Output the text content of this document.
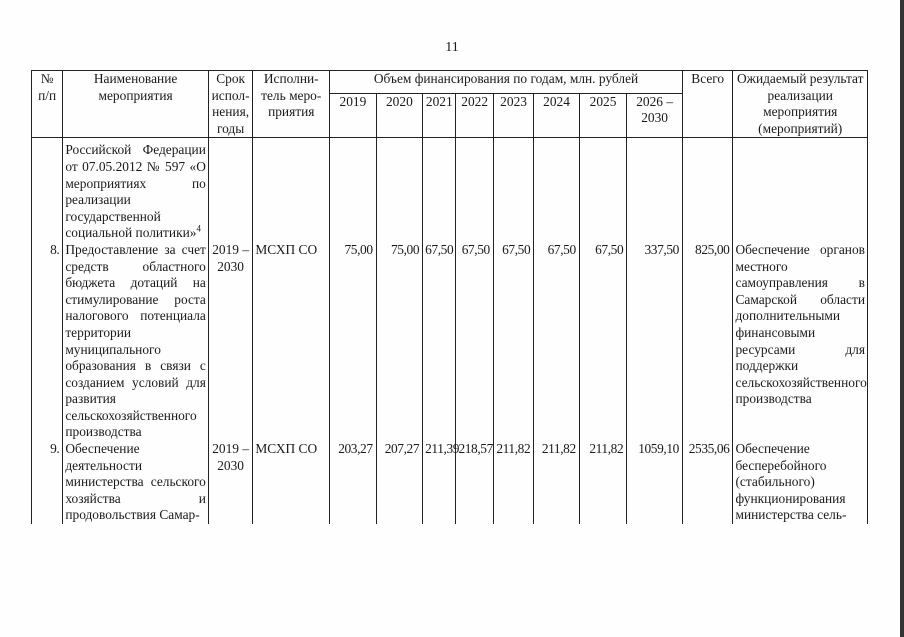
11
№ п/п	Наименование мероприятия	Срок испол-нения, годы	Исполни-тель меро-приятия	Объем финансирования по годам, млн. рублей								Всего	Ожидаемый результат реализации мероприятия (мероприятий)
				2019	2020	2021	2022	2023	2024	2025	2026 – 2030		

	Российской Федерации от 07.05.2012 № 597 «О мероприятиях по реализации государственной социальной политики»$^4$												
8.	Предоставление за счет средств областного бюджета дотаций на стимулирование роста налогового потенциала территории муниципального образования в связи с созданием условий для развития сельскохозяйственного производства	2019 – 2030	МСХП СО	75,00	75,00	67,50	67,50	67,50	67,50	67,50	337,50	825,00	Обеспечение органов местного самоуправления в Самарской области дополнительными финансовыми ресурсами для поддержки сельскохозяйственного производства
9.	Обеспечение деятельности министерства сельского хозяйства и продовольствия Самар-	2019 – 2030	МСХП СО	203,27	207,27	211,39	218,57	211,82	211,82	211,82	1059,10	2535,06	Обеспечение бесперебойного (стабильного) функционирования министерства сель-
